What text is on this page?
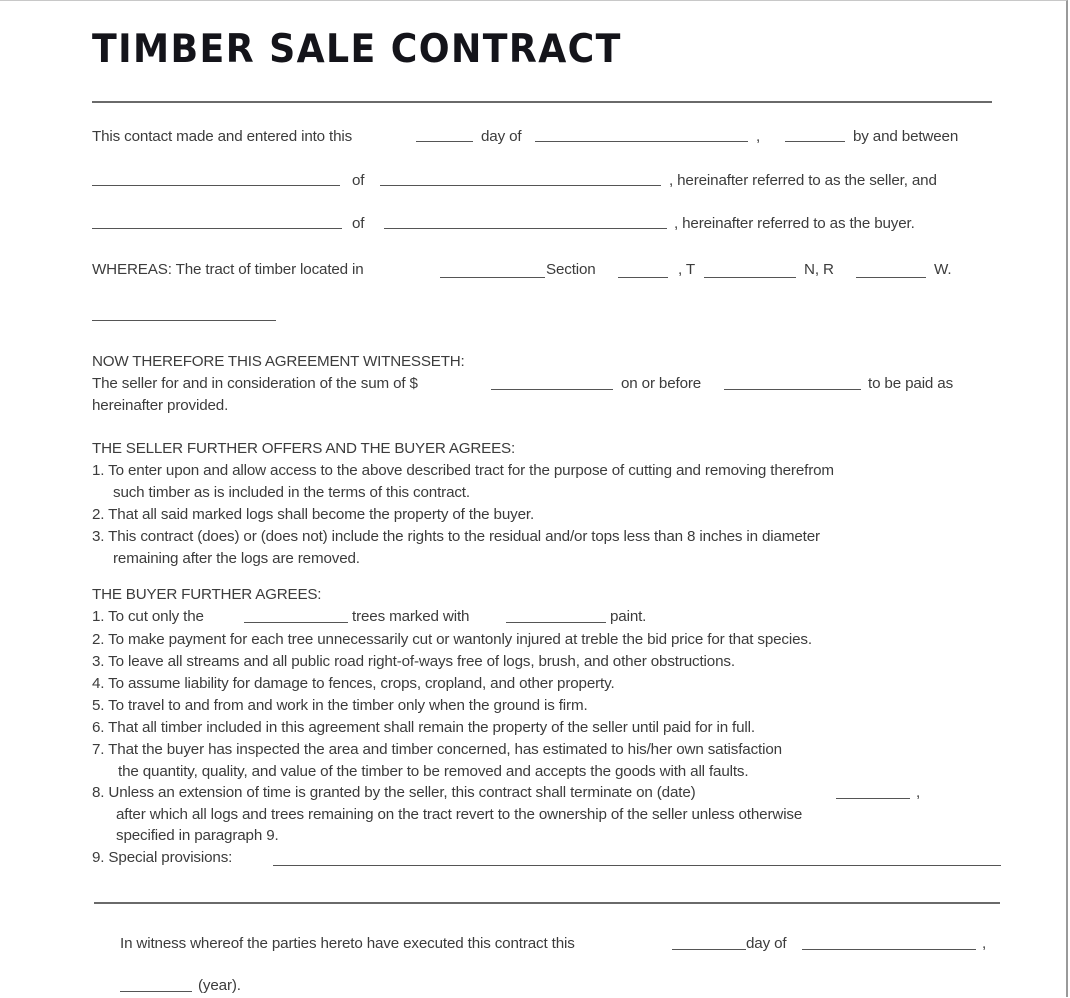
TIMBER SALE CONTRACT
This contact made and entered into this	day of	,	by and between
of	, hereinafter referred to as the seller, and
of	, hereinafter referred to as the buyer.
WHEREAS: The tract of timber located in	Section	, T	N, R	W.
NOW THEREFORE THIS AGREEMENT WITNESSETH:
The seller for and in consideration of the sum of $	on or before	to be paid as
hereinafter provided.
THE SELLER FURTHER OFFERS AND THE BUYER AGREES:
1. To enter upon and allow access to the above described tract for the purpose of cutting and removing therefrom
such timber as is included in the terms of this contract.
2. That all said marked logs shall become the property of the buyer.
3. This contract (does) or (does not) include the rights to the residual and/or tops less than 8 inches in diameter
remaining after the logs are removed.
THE BUYER FURTHER AGREES:
1. To cut only the	trees marked with	paint.
2. To make payment for each tree unnecessarily cut or wantonly injured at treble the bid price for that species.
3. To leave all streams and all public road right-of-ways free of logs, brush, and other obstructions.
4. To assume liability for damage to fences, crops, cropland, and other property.
5. To travel to and from and work in the timber only when the ground is firm.
6. That all timber included in this agreement shall remain the property of the seller until paid for in full.
7. That the buyer has inspected the area and timber concerned, has estimated to his/her own satisfaction
the quantity, quality, and value of the timber to be removed and accepts the goods with all faults.
8. Unless an extension of time is granted by the seller, this contract shall terminate on (date)	,
after which all logs and trees remaining on the tract revert to the ownership of the seller unless otherwise
specified in paragraph 9.
9. Special provisions:
In witness whereof the parties hereto have executed this contract this	day of	,
(year).
